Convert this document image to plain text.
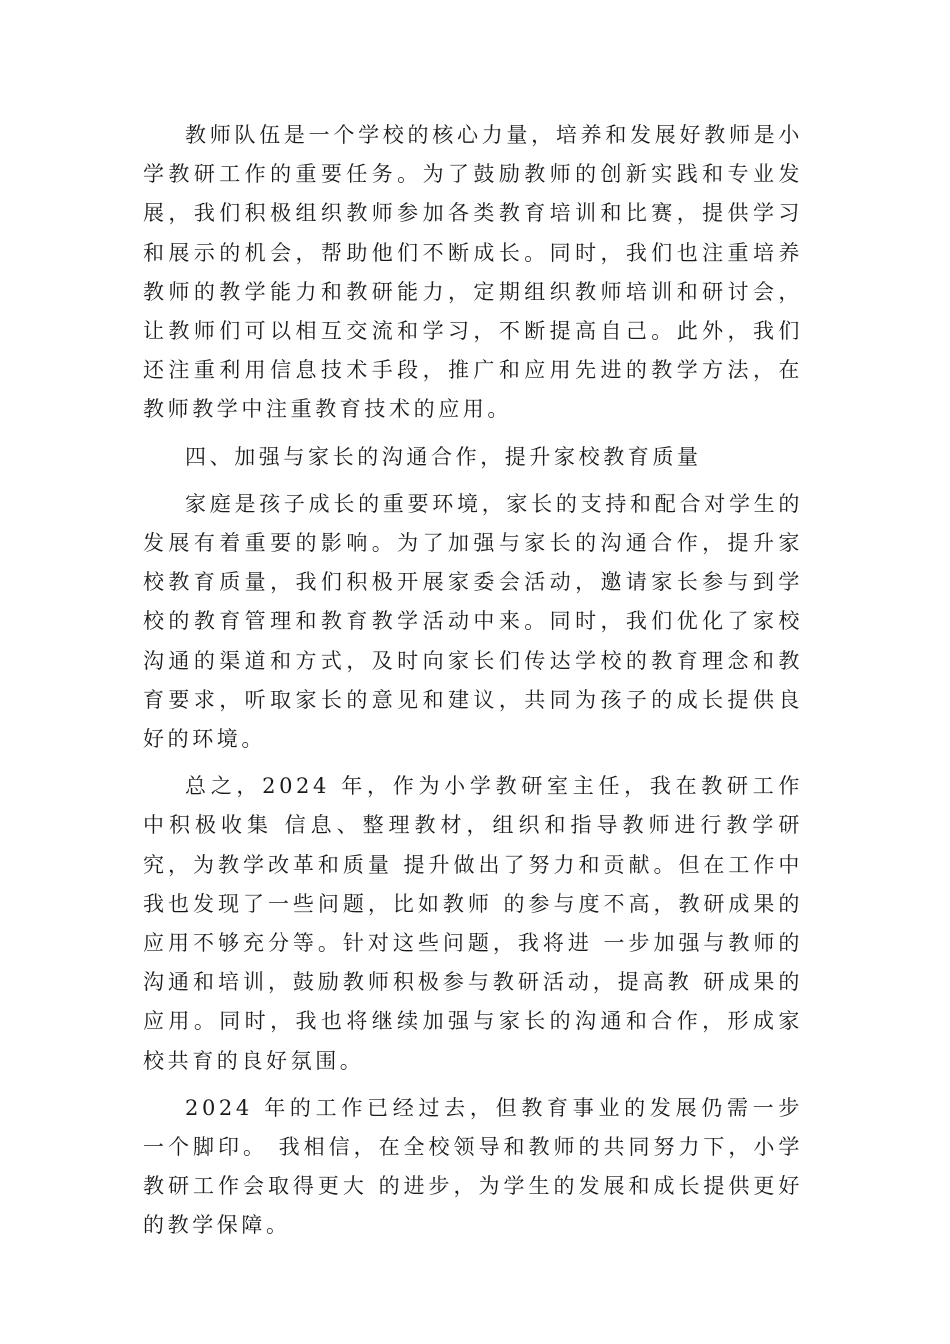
教师队伍是一个学校的核心力量，培养和发展好教师是小学教研工作的重要任务。为了鼓励教师的创新实践和专业发展，我们积极组织教师参加各类教育培训和比赛，提供学习和展示的机会，帮助他们不断成长。同时，我们也注重培养教师的教学能力和教研能力，定期组织教师培训和研讨会，让教师们可以相互交流和学习，不断提高自己。此外，我们还注重利用信息技术手段，推广和应用先进的教学方法，在教师教学中注重教育技术的应用。

四、加强与家长的沟通合作，提升家校教育质量

家庭是孩子成长的重要环境，家长的支持和配合对学生的发展有着重要的影响。为了加强与家长的沟通合作，提升家校教育质量，我们积极开展家委会活动，邀请家长参与到学校的教育管理和教育教学活动中来。同时，我们优化了家校沟通的渠道和方式，及时向家长们传达学校的教育理念和教育要求，听取家长的意见和建议，共同为孩子的成长提供良好的环境。

总之，2024 年，作为小学教研室主任，我在教研工作中积极收集 信息、整理教材，组织和指导教师进行教学研究，为教学改革和质量 提升做出了努力和贡献。但在工作中我也发现了一些问题，比如教师 的参与度不高，教研成果的应用不够充分等。针对这些问题，我将进 一步加强与教师的沟通和培训，鼓励教师积极参与教研活动，提高教 研成果的应用。同时，我也将继续加强与家长的沟通和合作，形成家 校共育的良好氛围。

2024 年的工作已经过去，但教育事业的发展仍需一步一个脚印。 我相信，在全校领导和教师的共同努力下，小学教研工作会取得更大 的进步，为学生的发展和成长提供更好的教学保障。
